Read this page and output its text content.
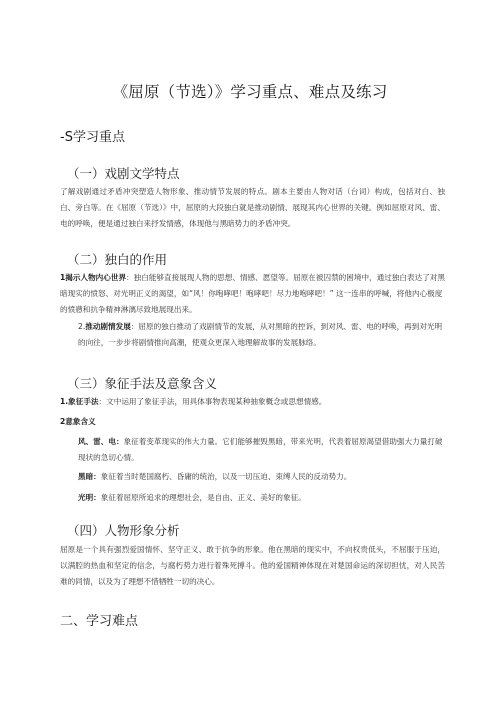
《屈原（节选）》学习重点、难点及练习
-S学习重点
（一）戏剧文学特点
了解戏剧通过矛盾冲突塑造人物形象、推动情节发展的特点。剧本主要由人物对话（台词）构成，包括对白、独白、旁白等。在《屈原（节选）》中，屈原的大段独白就是推动剧情、展现其内心世界的关键。例如屈原对风、雷、电的呼唤，便是通过独白来抒发情感，体现他与黑暗势力的矛盾冲突。
（二）独白的作用
1揭示人物内心世界：独白能够直接展现人物的思想、情感、愿望等。屈原在被囚禁的困境中，通过独白表达了对黑暗现实的愤怒、对光明正义的渴望，如“风！你咆哮吧！咆哮吧！尽力地咆哮吧！” 这一连串的呼喊，将他内心极度的愤懑和抗争精神淋漓尽致地展现出来。
2.推动剧情发展：屈原的独白推动了戏剧情节的发展，从对黑暗的控诉，到对风、雷、电的呼唤，再到对光明的向往，一步步将剧情推向高潮，使观众更深入地理解故事的发展脉络。
（三）象征手法及意象含义
1.象征手法：文中运用了象征手法，用具体事物表现某种抽象概念或思想情感。
2意象含义
风、雷、电：象征着变革现实的伟大力量。它们能够摧毁黑暗，带来光明，代表着屈原渴望借助强大力量打破现状的急切心情。
黑暗：象征着当时楚国腐朽、昏庸的统治，以及一切压迫、束缚人民的反动势力。
光明：象征着屈原所追求的理想社会，是自由、正义、美好的象征。
（四）人物形象分析
屈原是一个具有强烈爱国情怀、坚守正义、敢于抗争的形象。他在黑暗的现实中，不向权贵低头，不屈服于压迫，以满腔的热血和坚定的信念，与腐朽势力进行着殊死搏斗。他的爱国精神体现在对楚国命运的深切担忧，对人民苦难的同情，以及为了理想不惜牺牲一切的决心。
二、学习难点
